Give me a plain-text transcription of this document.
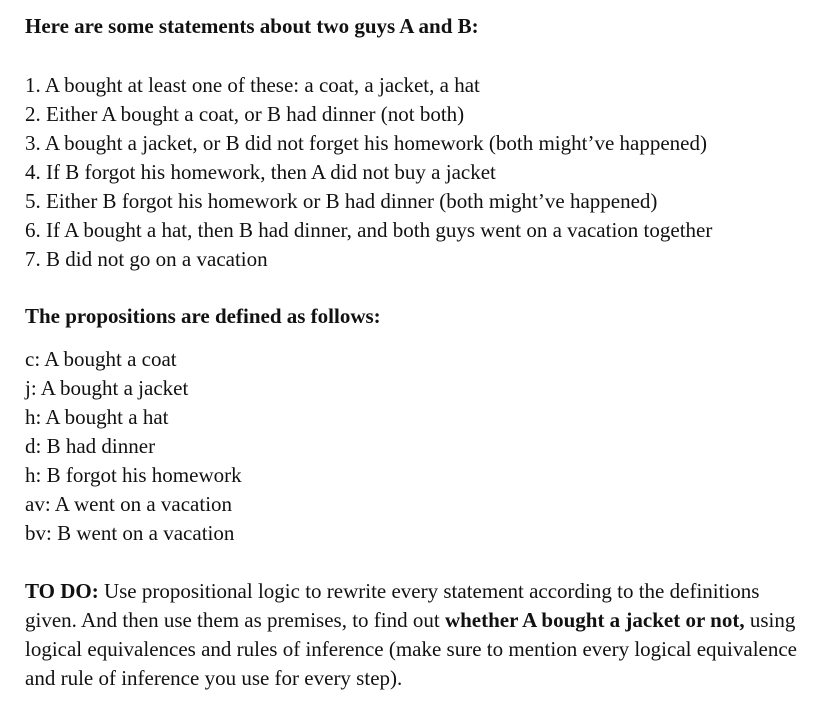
Here are some statements about two guys A and B:

1. A bought at least one of these: a coat, a jacket, a hat
2. Either A bought a coat, or B had dinner (not both)
3. A bought a jacket, or B did not forget his homework (both might’ve happened)
4. If B forgot his homework, then A did not buy a jacket
5. Either B forgot his homework or B had dinner (both might’ve happened)
6. If A bought a hat, then B had dinner, and both guys went on a vacation together
7. B did not go on a vacation

The propositions are defined as follows:

c: A bought a coat
j: A bought a jacket
h: A bought a hat
d: B had dinner
h: B forgot his homework
av: A went on a vacation
bv: B went on a vacation

TO DO: Use propositional logic to rewrite every statement according to the definitions given. And then use them as premises, to find out whether A bought a jacket or not, using logical equivalences and rules of inference (make sure to mention every logical equivalence and rule of inference you use for every step).
